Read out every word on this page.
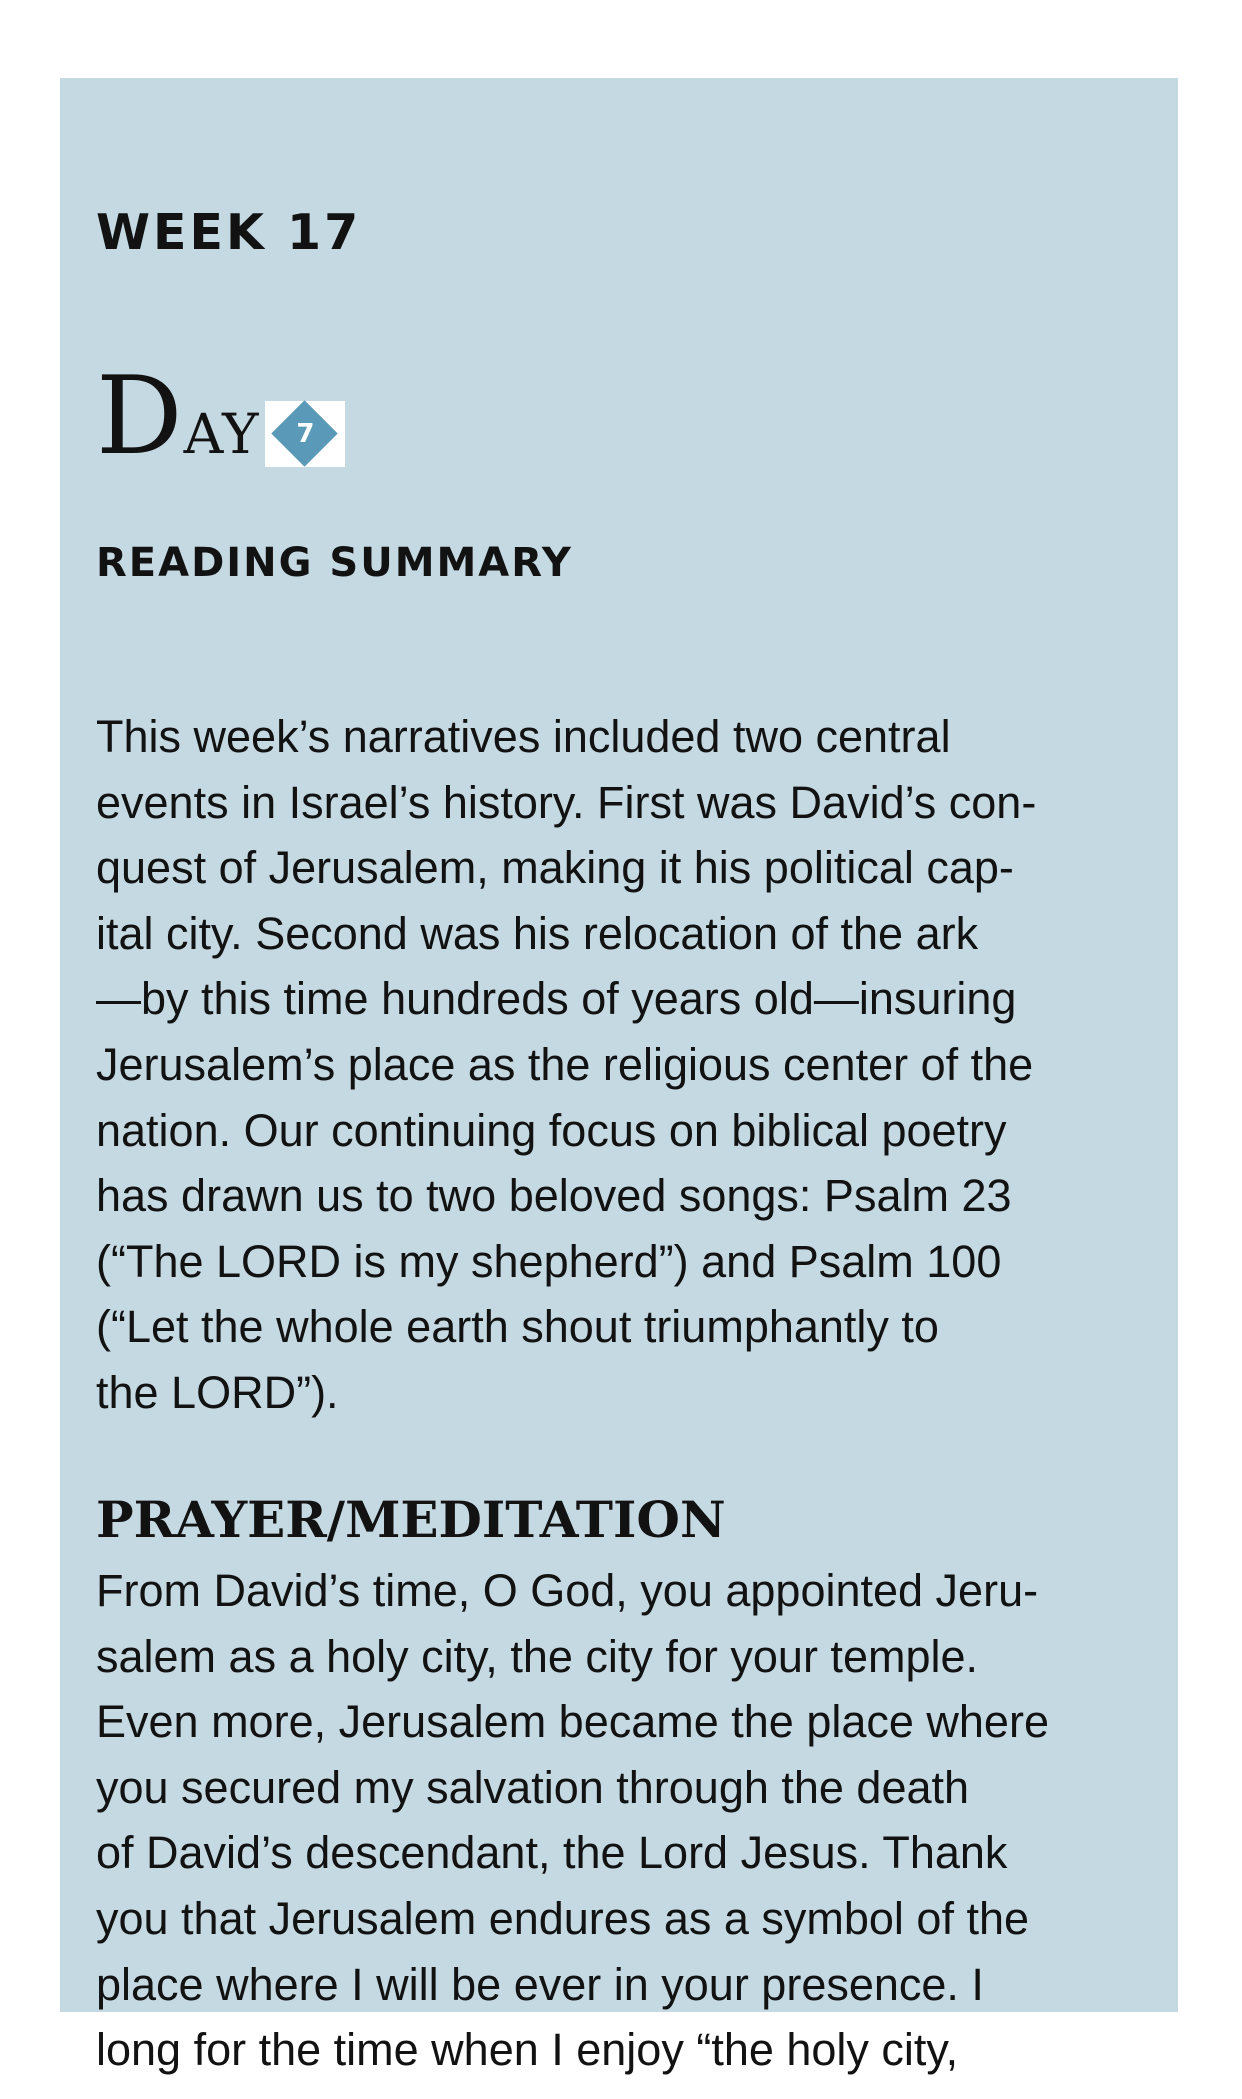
WEEK 17
Day	7
READING SUMMARY

This week’s narratives included two central
events in Israel’s history. First was David’s con-
quest of Jerusalem, making it his political cap-
ital city. Second was his relocation of the ark
—by this time hundreds of years old—insuring
Jerusalem’s place as the religious center of the
nation. Our continuing focus on biblical poetry
has drawn us to two beloved songs: Psalm 23
(“The LORD is my shepherd”) and Psalm 100
(“Let the whole earth shout triumphantly to
the LORD”).

PRAYER/MEDITATION

From David’s time, O God, you appointed Jeru-
salem as a holy city, the city for your temple.
Even more, Jerusalem became the place where
you secured my salvation through the death
of David’s descendant, the Lord Jesus. Thank
you that Jerusalem endures as a symbol of the
place where I will be ever in your presence. I
long for the time when I enjoy “the holy city,
